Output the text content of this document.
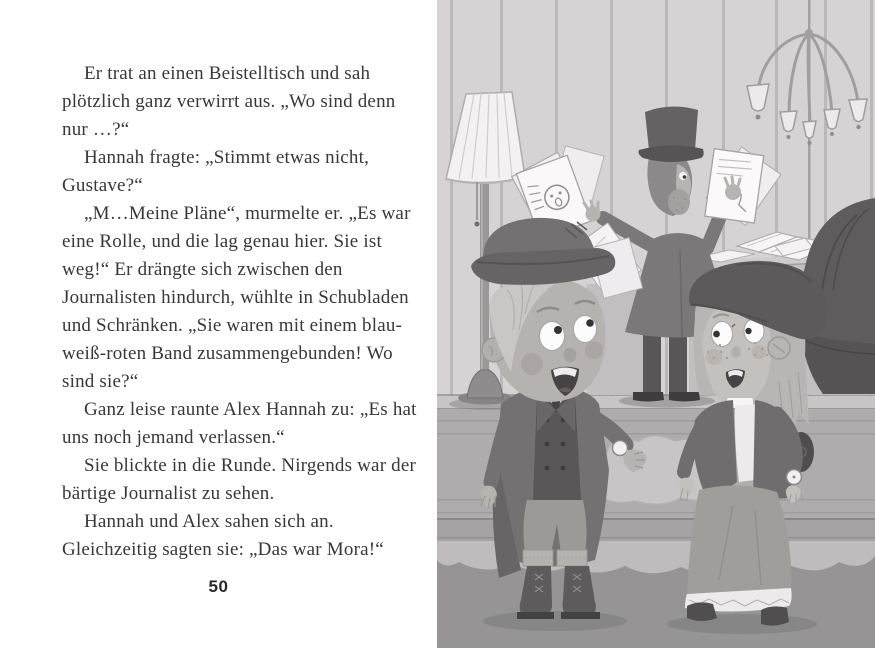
Er trat an einen Beistelltisch und sah plötzlich ganz verwirrt aus. „Wo sind denn nur …?“

Hannah fragte: „Stimmt etwas nicht, Gustave?“

„M…Meine Pläne“, murmelte er. „Es war eine Rolle, und die lag genau hier. Sie ist weg!“ Er drängte sich zwischen den Journalisten hindurch, wühlte in Schubladen und Schränken. „Sie waren mit einem blau-weiß-roten Band zusammengebunden! Wo sind sie?“

Ganz leise raunte Alex Hannah zu: „Es hat uns noch jemand verlassen.“

Sie blickte in die Runde. Nirgends war der bärtige Journalist zu sehen.

Hannah und Alex sahen sich an. Gleichzeitig sagten sie: „Das war Mora!“

50
